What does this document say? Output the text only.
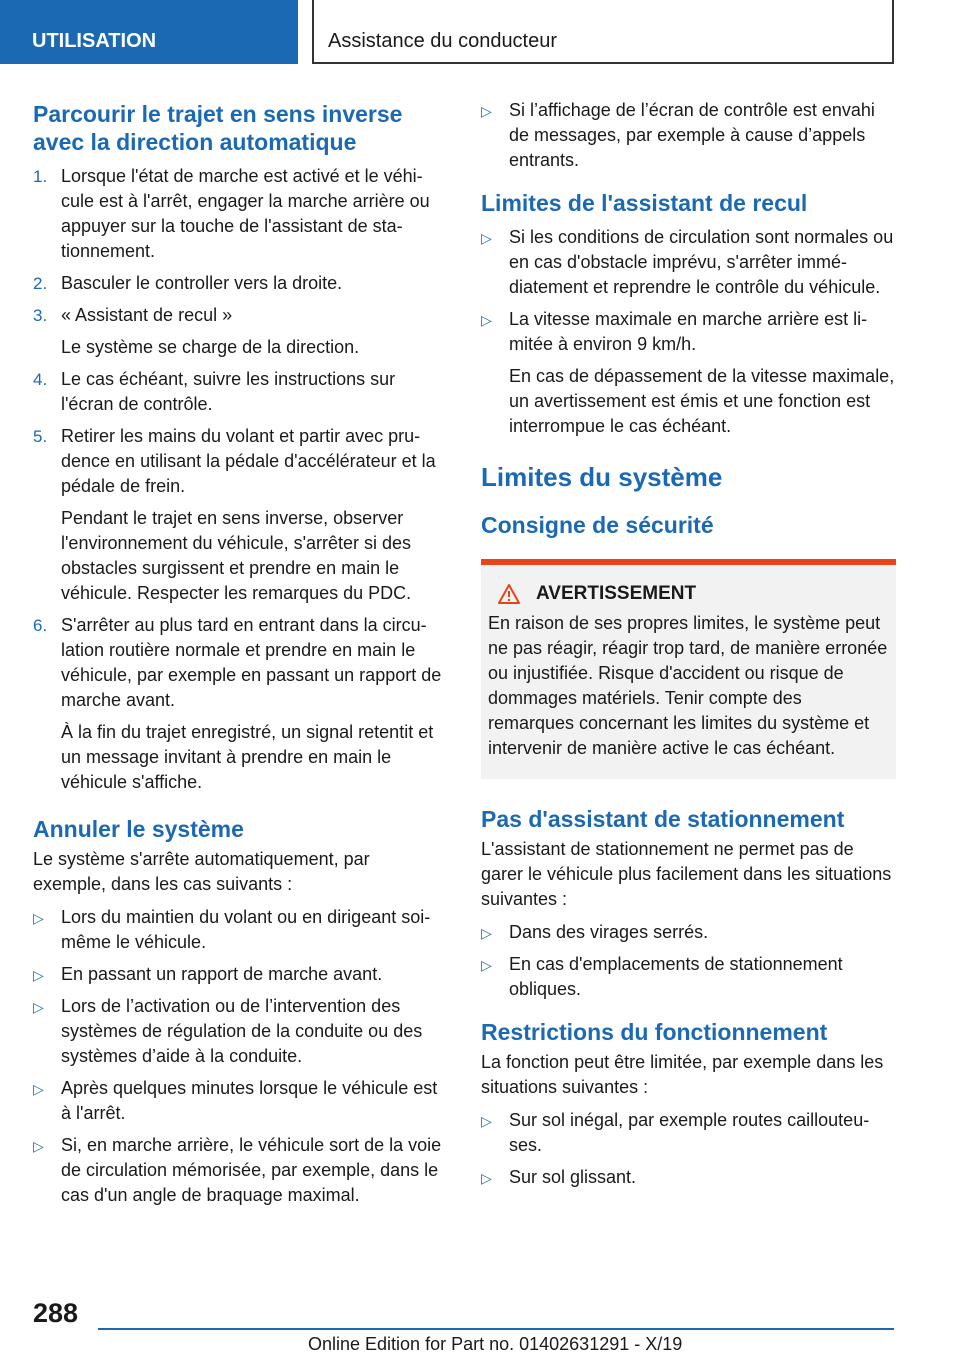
UTILISATION	Assistance du conducteur
Parcourir le trajet en sens inverse avec la direction automatique
1. Lorsque l'état de marche est activé et le véhicule est à l'arrêt, engager la marche arrière ou appuyer sur la touche de l'assistant de stationnement.
2. Basculer le controller vers la droite.
3. « Assistant de recul »
Le système se charge de la direction.
4. Le cas échéant, suivre les instructions sur l'écran de contrôle.
5. Retirer les mains du volant et partir avec prudence en utilisant la pédale d'accélérateur et la pédale de frein.
Pendant le trajet en sens inverse, observer l'environnement du véhicule, s'arrêter si des obstacles surgissent et prendre en main le véhicule. Respecter les remarques du PDC.
6. S'arrêter au plus tard en entrant dans la circulation routière normale et prendre en main le véhicule, par exemple en passant un rapport de marche avant.
À la fin du trajet enregistré, un signal retentit et un message invitant à prendre en main le véhicule s'affiche.
Annuler le système

Le système s'arrête automatiquement, par exemple, dans les cas suivants :

▷ Lors du maintien du volant ou en dirigeant soi-même le véhicule.
▷ En passant un rapport de marche avant.
▷ Lors de l’activation ou de l’intervention des systèmes de régulation de la conduite ou des systèmes d’aide à la conduite.
▷ Après quelques minutes lorsque le véhicule est à l'arrêt.
▷ Si, en marche arrière, le véhicule sort de la voie de circulation mémorisée, par exemple, dans le cas d'un angle de braquage maximal.
▷ Si l’affichage de l’écran de contrôle est envahi de messages, par exemple à cause d’appels entrants.
Limites de l'assistant de recul
▷ Si les conditions de circulation sont normales ou en cas d'obstacle imprévu, s'arrêter immédiatement et reprendre le contrôle du véhicule.
▷ La vitesse maximale en marche arrière est limitée à environ 9 km/h.
En cas de dépassement de la vitesse maximale, un avertissement est émis et une fonction est interrompue le cas échéant.
Limites du système
Consigne de sécurité
AVERTISSEMENT

En raison de ses propres limites, le système peut ne pas réagir, réagir trop tard, de manière erronée ou injustifiée. Risque d'accident ou risque de dommages matériels. Tenir compte des remarques concernant les limites du système et intervenir de manière active le cas échéant.

Pas d'assistant de stationnement

L'assistant de stationnement ne permet pas de garer le véhicule plus facilement dans les situations suivantes :

▷ Dans des virages serrés.
▷ En cas d'emplacements de stationnement obliques.
Restrictions du fonctionnement

La fonction peut être limitée, par exemple dans les situations suivantes :

▷ Sur sol inégal, par exemple routes caillouteuses.
▷ Sur sol glissant.
288
Online Edition for Part no. 01402631291 - X/19
